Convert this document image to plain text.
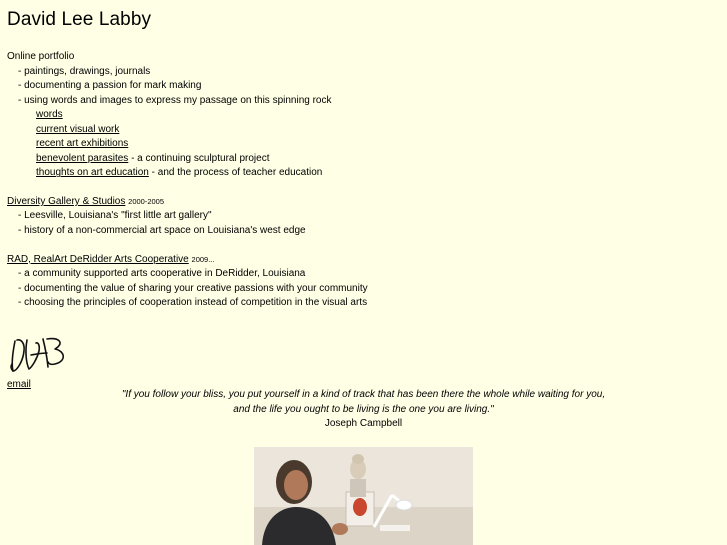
David Lee Labby
Online portfolio
- paintings, drawings, journals
- documenting a passion for mark making
- using words and images to express my passage on this spinning rock
words
current visual work
recent art exhibitions
benevolent parasites - a continuing sculptural project
thoughts on art education - and the process of teacher education
Diversity Gallery & Studios 2000-2005
- Leesville, Louisiana's "first little art gallery"
- history of a non-commercial art space on Louisiana's west edge
RAD, RealArt DeRidder Arts Cooperative 2009...
- a community supported arts cooperative in DeRidder, Louisiana
- documenting the value of sharing your creative passions with your community
- choosing the principles of cooperation instead of competition in the visual arts
email
"If you follow your bliss, you put yourself in a kind of track that has been there the whole while waiting for you,
and the life you ought to be living is the one you are living."
Joseph Campbell
